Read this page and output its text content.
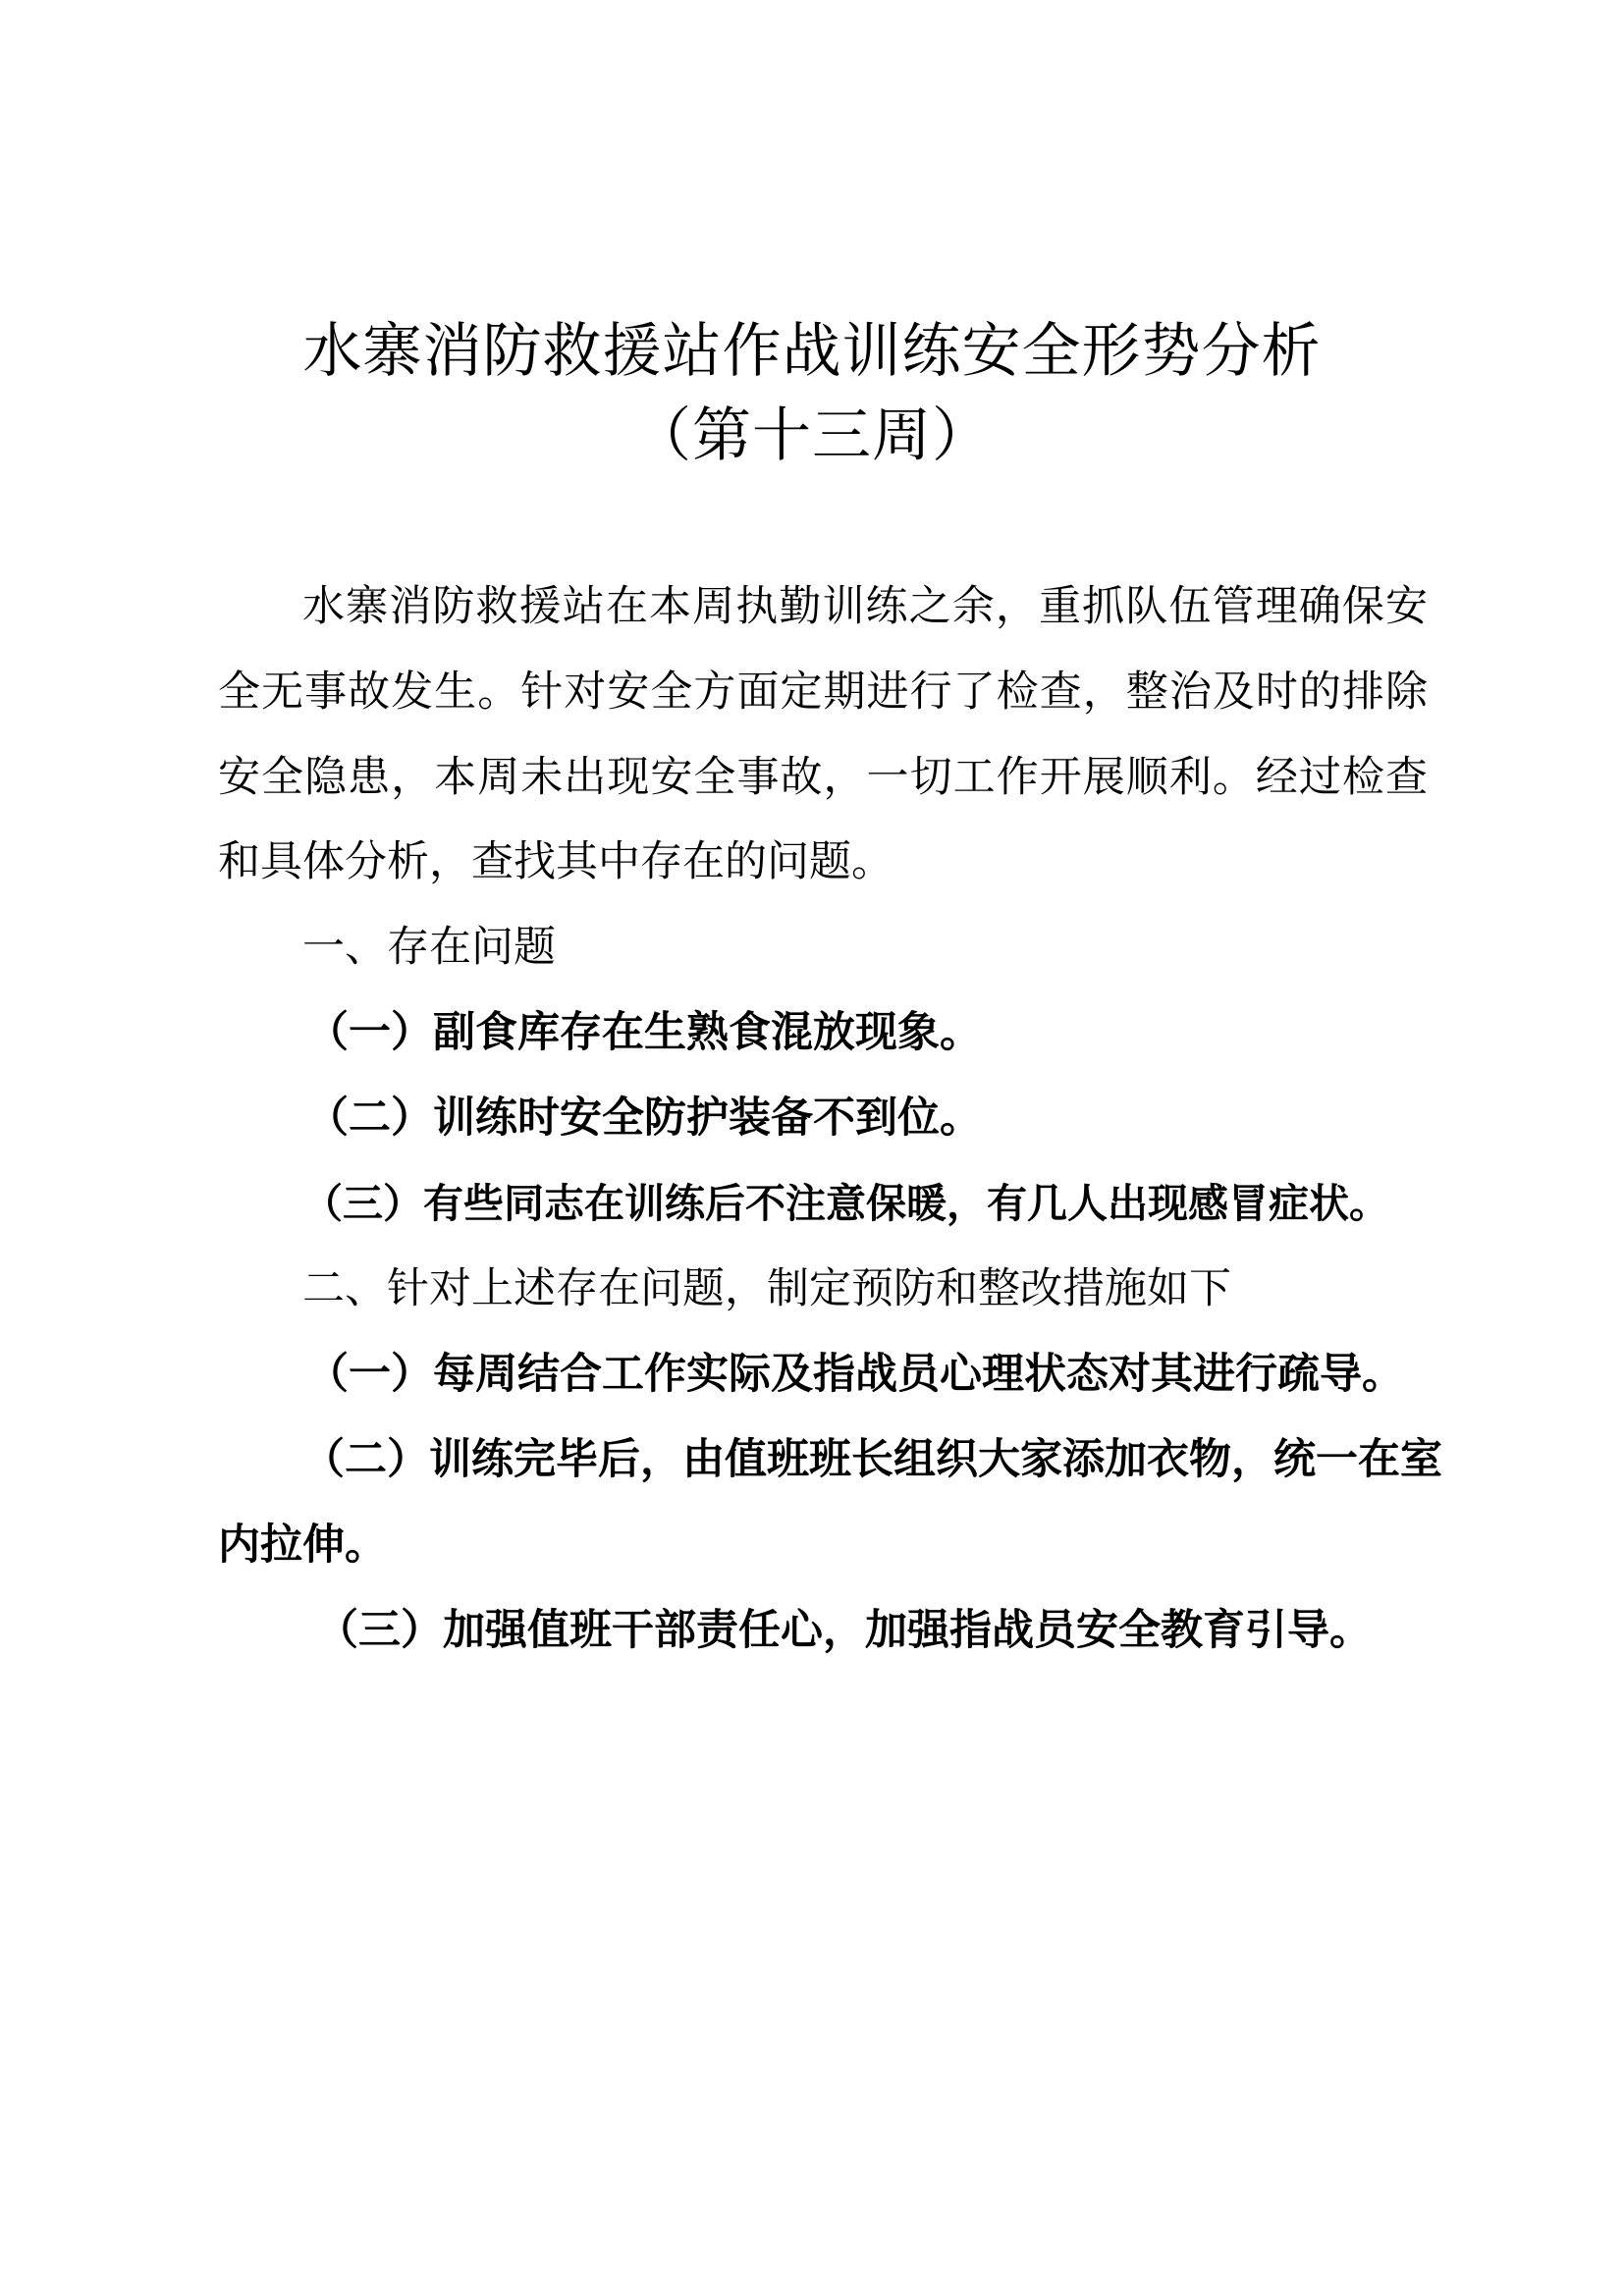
水寨消防救援站作战训练安全形势分析
（第十三周）
水寨消防救援站在本周执勤训练之余，重抓队伍管理确保安
全无事故发生。针对安全方面定期进行了检查，整治及时的排除
安全隐患，本周未出现安全事故，一切工作开展顺利。经过检查
和具体分析，查找其中存在的问题。
一、存在问题
（一）副食库存在生熟食混放现象。
（二）训练时安全防护装备不到位。
（三）有些同志在训练后不注意保暖，有几人出现感冒症状。
二、针对上述存在问题，制定预防和整改措施如下
（一）每周结合工作实际及指战员心理状态对其进行疏导。
（二）训练完毕后，由值班班长组织大家添加衣物，统一在室
内拉伸。
（三）加强值班干部责任心，加强指战员安全教育引导。
